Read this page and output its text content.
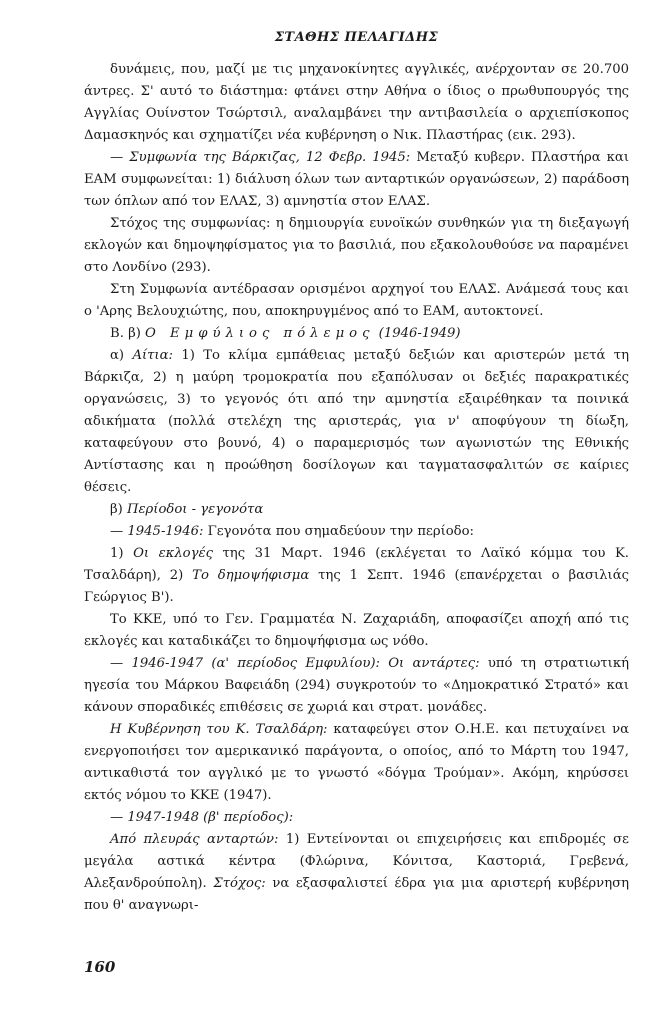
ΣΤΑΘΗΣ ΠΕΛΑΓΙΔΗΣ

δυνάμεις, που, μαζί με τις μηχανοκίνητες αγγλικές, ανέρχονταν σε 20.700 άντρες. Σ' αυτό το διάστημα: φτάνει στην Αθήνα ο ίδιος ο πρωθυπουργός της Αγγλίας Ουίνστον Τσώρτσιλ, αναλαμβάνει την αντιβασιλεία ο αρχιεπίσκοπος Δαμασκηνός και σχηματίζει νέα κυβέρνηση ο Νικ. Πλαστήρας (εικ. 293).

— Συμφωνία της Βάρκιζας, 12 Φεβρ. 1945: Μεταξύ κυβερν. Πλαστήρα και ΕΑΜ συμφωνείται: 1) διάλυση όλων των ανταρτικών οργανώσεων, 2) παράδοση των όπλων από τον ΕΛΑΣ, 3) αμνηστία στον ΕΛΑΣ.

Στόχος της συμφωνίας: η δημιουργία ευνοϊκών συνθηκών για τη διεξαγωγή εκλογών και δημοψηφίσματος για το βασιλιά, που εξακολουθούσε να παραμένει στο Λονδίνο (293).

Στη Συμφωνία αντέδρασαν ορισμένοι αρχηγοί του ΕΛΑΣ. Ανάμεσά τους και ο 'Αρης Βελουχιώτης, που, αποκηρυγμένος από το ΕΑΜ, αυτοκτονεί.

Β. β) Ο Εμφύλιος πόλεμος (1946-1949)

α) Αίτια: 1) Το κλίμα εμπάθειας μεταξύ δεξιών και αριστερών μετά τη Βάρκιζα, 2) η μαύρη τρομοκρατία που εξαπόλυσαν οι δεξιές παρακρατικές οργανώσεις, 3) το γεγονός ότι από την αμνηστία εξαιρέθηκαν τα ποινικά αδικήματα (πολλά στελέχη της αριστεράς, για ν' αποφύγουν τη δίωξη, καταφεύγουν στο βουνό, 4) ο παραμερισμός των αγωνιστών της Εθνικής Αντίστασης και η προώθηση δοσίλογων και ταγματασφαλιτών σε καίριες θέσεις.

β) Περίοδοι - γεγονότα

— 1945-1946: Γεγονότα που σημαδεύουν την περίοδο:

1) Οι εκλογές της 31 Μαρτ. 1946 (εκλέγεται το Λαϊκό κόμμα του Κ. Τσαλδάρη), 2) Το δημοψήφισμα της 1 Σεπτ. 1946 (επανέρχεται ο βασιλιάς Γεώργιος Β').

Το ΚΚΕ, υπό το Γεν. Γραμματέα Ν. Ζαχαριάδη, αποφασίζει αποχή από τις εκλογές και καταδικάζει το δημοψήφισμα ως νόθο.

— 1946-1947 (α' περίοδος Εμφυλίου): Οι αντάρτες: υπό τη στρατιωτική ηγεσία του Μάρκου Βαφειάδη (294) συγκροτούν το «Δημοκρατικό Στρατό» και κάνουν σποραδικές επιθέσεις σε χωριά και στρατ. μονάδες.

Η Κυβέρνηση του Κ. Τσαλδάρη: καταφεύγει στον Ο.Η.Ε. και πετυχαίνει να ενεργοποιήσει τον αμερικανικό παράγοντα, ο οποίος, από το Μάρτη του 1947, αντικαθιστά τον αγγλικό με το γνωστό «δόγμα Τρούμαν». Ακόμη, κηρύσσει εκτός νόμου το ΚΚΕ (1947).

— 1947-1948 (β' περίοδος):

Από πλευράς ανταρτών: 1) Εντείνονται οι επιχειρήσεις και επιδρομές σε μεγάλα αστικά κέντρα (Φλώρινα, Κόνιτσα, Καστοριά, Γρεβενά, Αλεξανδρούπολη). Στόχος: να εξασφαλιστεί έδρα για μια αριστερή κυβέρνηση που θ' αναγνωρι-

160
